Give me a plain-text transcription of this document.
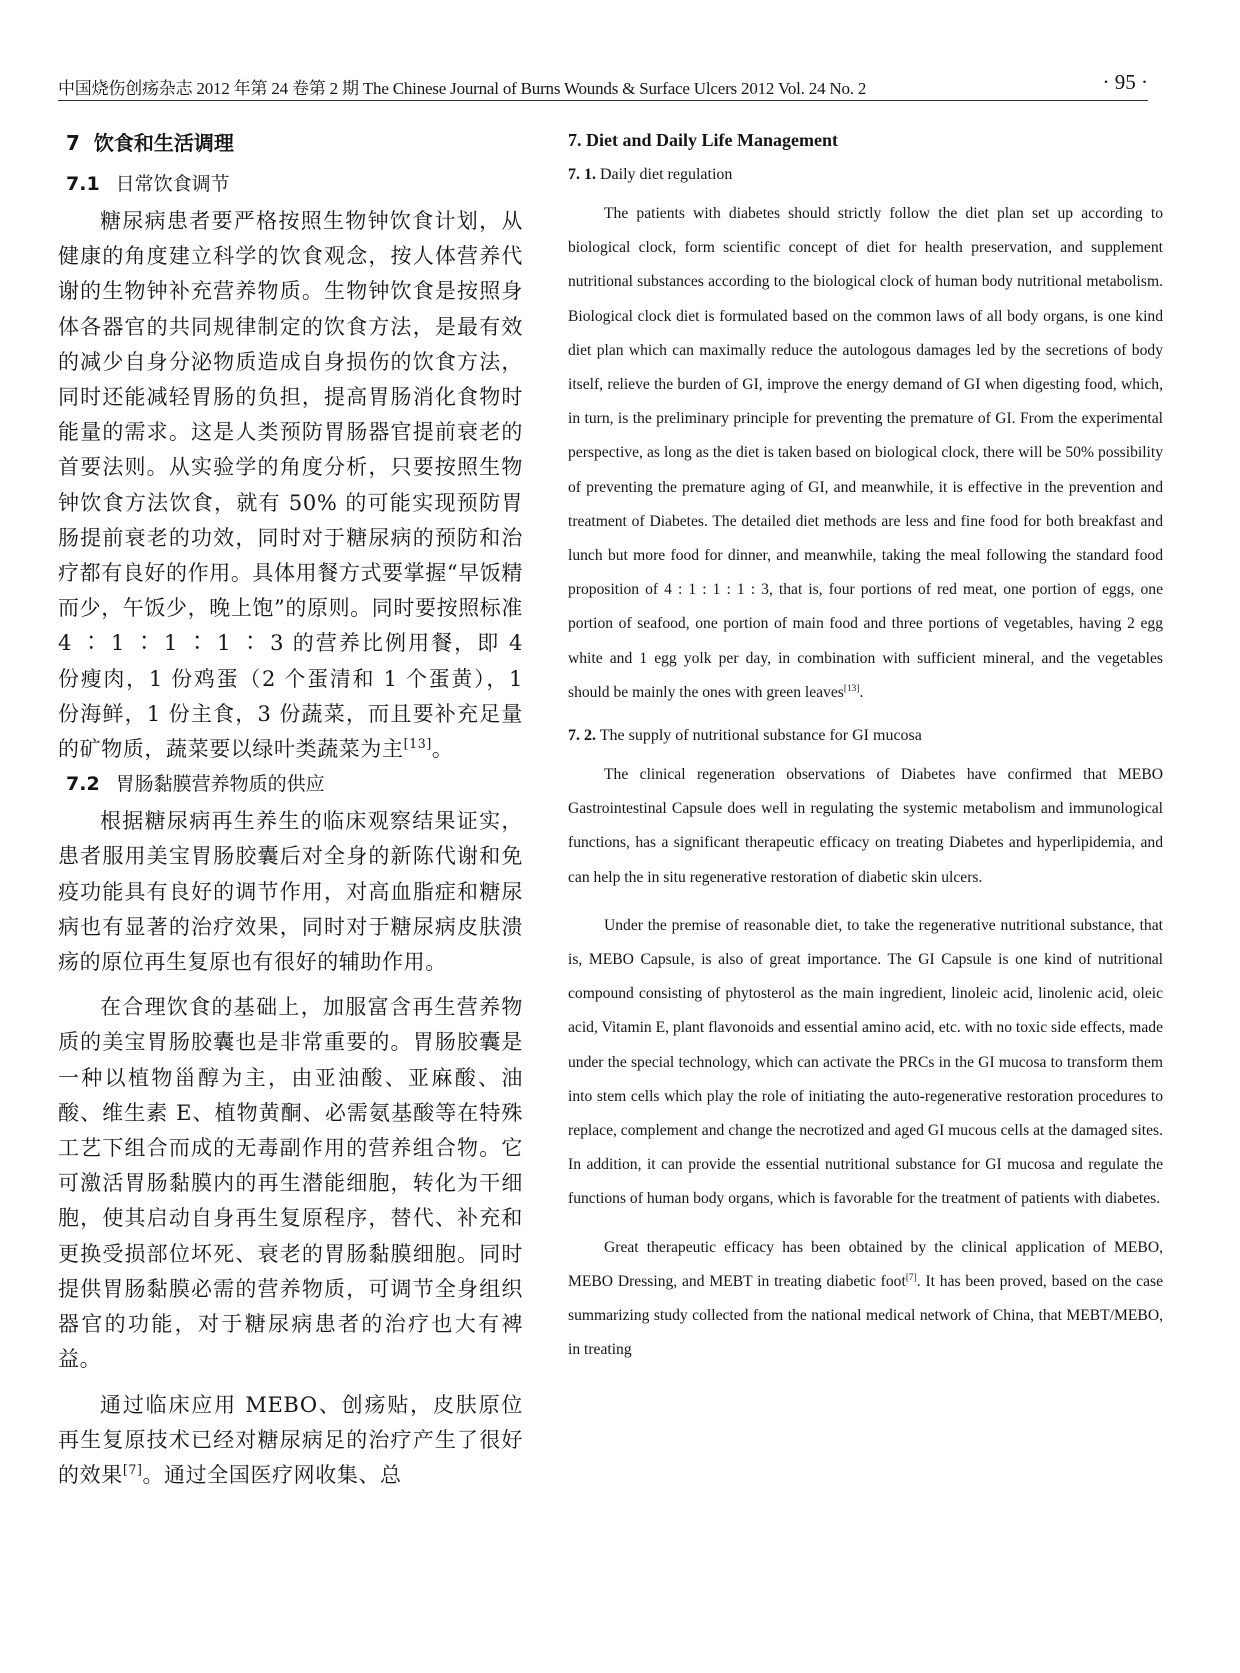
中国烧伤创疡杂志 2012 年第 24 卷第 2 期 The Chinese Journal of Burns Wounds & Surface Ulcers 2012 Vol. 24 No. 2	· 95 ·
7 饮食和生活调理
7.1 日常饮食调节

糖尿病患者要严格按照生物钟饮食计划，从健康的角度建立科学的饮食观念，按人体营养代谢的生物钟补充营养物质。生物钟饮食是按照身体各器官的共同规律制定的饮食方法，是最有效的减少自身分泌物质造成自身损伤的饮食方法，同时还能减轻胃肠的负担，提高胃肠消化食物时能量的需求。这是人类预防胃肠器官提前衰老的首要法则。从实验学的角度分析，只要按照生物钟饮食方法饮食，就有 50% 的可能实现预防胃肠提前衰老的功效，同时对于糖尿病的预防和治疗都有良好的作用。具体用餐方式要掌握“早饭精而少，午饭少，晚上饱”的原则。同时要按照标准 4 ∶ 1 ∶ 1 ∶ 1 ∶ 3 的营养比例用餐，即 4 份瘦肉，1 份鸡蛋（2 个蛋清和 1 个蛋黄），1 份海鲜，1 份主食，3 份蔬菜，而且要补充足量的矿物质，蔬菜要以绿叶类蔬菜为主[13]。

7.2 胃肠黏膜营养物质的供应

根据糖尿病再生养生的临床观察结果证实，患者服用美宝胃肠胶囊后对全身的新陈代谢和免疫功能具有良好的调节作用，对高血脂症和糖尿病也有显著的治疗效果，同时对于糖尿病皮肤溃疡的原位再生复原也有很好的辅助作用。

在合理饮食的基础上，加服富含再生营养物质的美宝胃肠胶囊也是非常重要的。胃肠胶囊是一种以植物甾醇为主，由亚油酸、亚麻酸、油酸、维生素 E、植物黄酮、必需氨基酸等在特殊工艺下组合而成的无毒副作用的营养组合物。它可激活胃肠黏膜内的再生潜能细胞，转化为干细胞，使其启动自身再生复原程序，替代、补充和更换受损部位坏死、衰老的胃肠黏膜细胞。同时提供胃肠黏膜必需的营养物质，可调节全身组织器官的功能，对于糖尿病患者的治疗也大有裨益。

通过临床应用 MEBO、创疡贴，皮肤原位再生复原技术已经对糖尿病足的治疗产生了很好的效果[7]。通过全国医疗网收集、总

7. Diet and Daily Life Management
7. 1. Daily diet regulation

The patients with diabetes should strictly follow the diet plan set up according to biological clock, form scientific concept of diet for health preservation, and supplement nutritional substances according to the biological clock of human body nutritional metabolism. Biological clock diet is formulated based on the common laws of all body organs, is one kind diet plan which can maximally reduce the autologous damages led by the secretions of body itself, relieve the burden of GI, improve the energy demand of GI when digesting food, which, in turn, is the preliminary principle for preventing the premature of GI. From the experimental perspective, as long as the diet is taken based on biological clock, there will be 50% possibility of preventing the premature aging of GI, and meanwhile, it is effective in the prevention and treatment of Diabetes. The detailed diet methods are less and fine food for both breakfast and lunch but more food for dinner, and meanwhile, taking the meal following the standard food proposition of 4 : 1 : 1 : 1 : 3, that is, four portions of red meat, one portion of eggs, one portion of seafood, one portion of main food and three portions of vegetables, having 2 egg white and 1 egg yolk per day, in combination with sufficient mineral, and the vegetables should be mainly the ones with green leaves[13].

7. 2. The supply of nutritional substance for GI mucosa

The clinical regeneration observations of Diabetes have confirmed that MEBO Gastrointestinal Capsule does well in regulating the systemic metabolism and immunological functions, has a significant therapeutic efficacy on treating Diabetes and hyperlipidemia, and can help the in situ regenerative restoration of diabetic skin ulcers.

Under the premise of reasonable diet, to take the regenerative nutritional substance, that is, MEBO Capsule, is also of great importance. The GI Capsule is one kind of nutritional compound consisting of phytosterol as the main ingredient, linoleic acid, linolenic acid, oleic acid, Vitamin E, plant flavonoids and essential amino acid, etc. with no toxic side effects, made under the special technology, which can activate the PRCs in the GI mucosa to transform them into stem cells which play the role of initiating the auto-regenerative restoration procedures to replace, complement and change the necrotized and aged GI mucous cells at the damaged sites. In addition, it can provide the essential nutritional substance for GI mucosa and regulate the functions of human body organs, which is favorable for the treatment of patients with diabetes.

Great therapeutic efficacy has been obtained by the clinical application of MEBO, MEBO Dressing, and MEBT in treating diabetic foot[7]. It has been proved, based on the case summarizing study collected from the national medical network of China, that MEBT/MEBO, in treating
